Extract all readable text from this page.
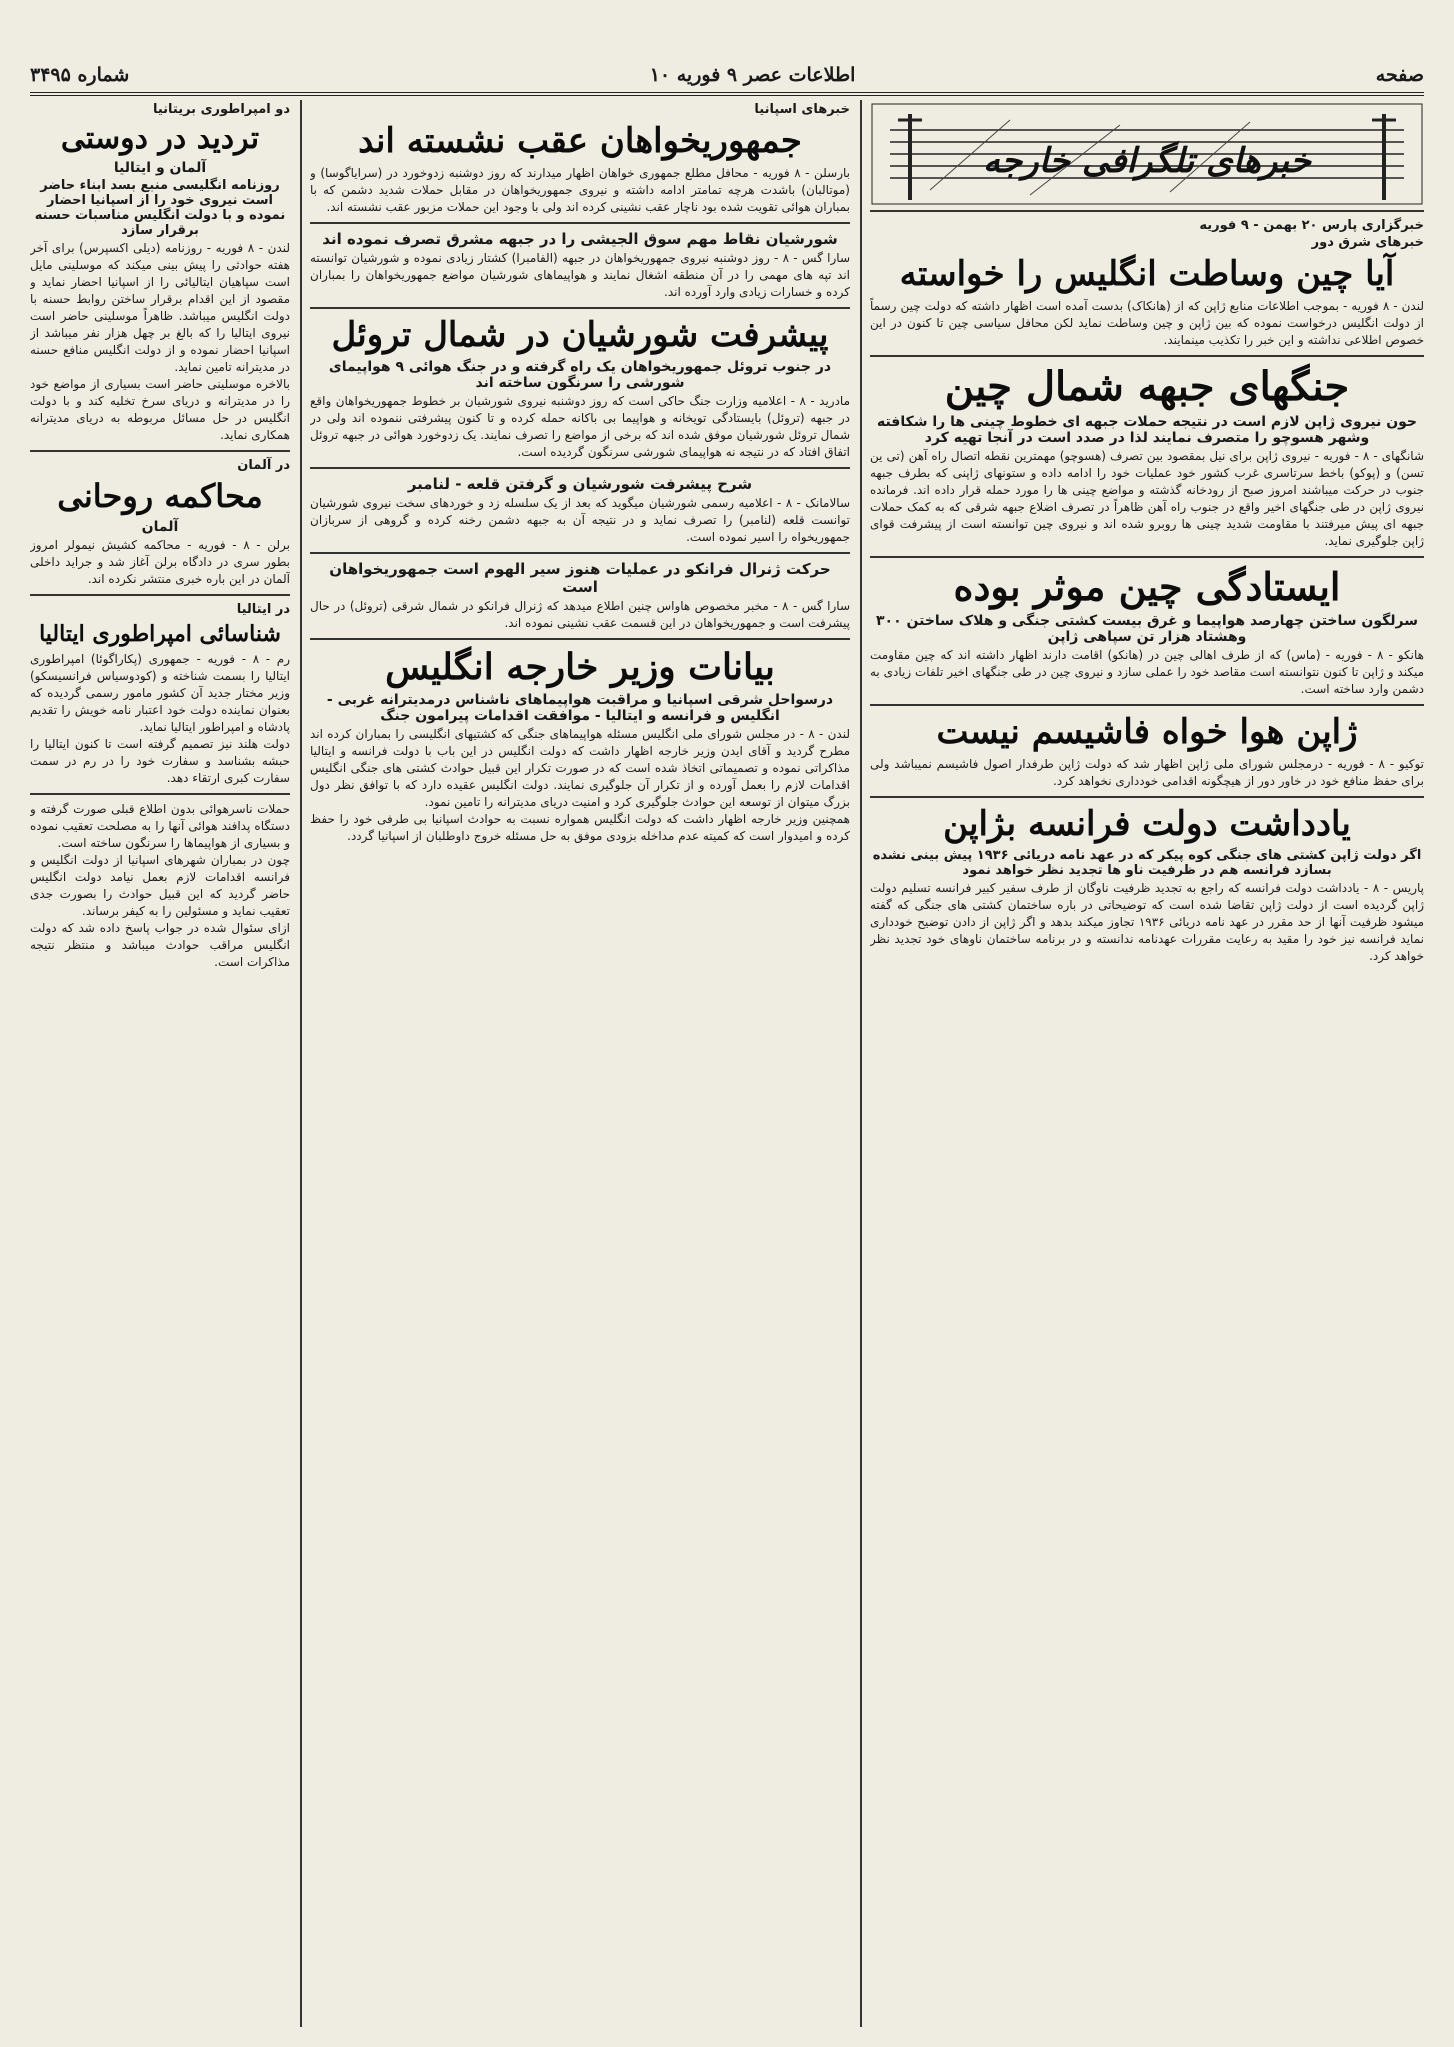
صفحه
اطلاعات عصر ۹ فوریه ۱۰
شماره ۳۴۹۵
خبرهای تلگرافی خارجه

خبرگزاری پارس ۲۰ بهمن - ۹ فوریه

خبرهای شرق دور

آیا چین وساطت انگلیس را خواسته

لندن - ۸ فوریه - بموجب اطلاعات منابع ژاپن که از (هانکاک) بدست آمده است اظهار داشته که دولت چین رسماً از دولت انگلیس درخواست نموده که بین ژاپن و چین وساطت نماید لکن محافل سیاسی چین تا کنون در این خصوص اطلاعی نداشته و این خبر را تکذیب مینمایند.

جنگهای جبهه شمال چین

حون نیروی ژاپن لازم است در نتیجه حملات جبهه ای خطوط چینی ها را شکافته وشهر هسوچو را متصرف نمایند لذا در صدد است در آنجا تهیه کرد

شانگهای - ۸ - فوریه - نیروی ژاپن برای نیل بمقصود بین تصرف (هسوچو) مهمترین نقطه اتصال راه آهن (تی ین تسن) و (پوکو) باخط سرتاسری غرب کشور خود عملیات خود را ادامه داده و ستونهای ژاپنی که بطرف جبهه جنوب در حرکت میباشند امروز صبح از رودخانه گذشته و مواضع چینی ها را مورد حمله قرار داده اند. فرمانده نیروی ژاپن در طی جنگهای اخیر واقع در جنوب راه آهن ظاهراً در تصرف اضلاع جبهه شرقی که به کمک حملات جبهه ای پیش میرفتند با مقاومت شدید چینی ها روبرو شده اند و نیروی چین توانسته است از پیشرفت قوای ژاپن جلوگیری نماید.

ایستادگی چین موثر بوده

سرلگون ساختن چهارصد هواپیما و غرق بیست کشتی جنگی و هلاک ساختن ۳۰۰ وهشتاد هزار تن سپاهی ژاپن

هانکو - ۸ - فوریه - (ماس) که از طرف اهالی چین در (هانکو) اقامت دارند اظهار داشته اند که چین مقاومت میکند و ژاپن تا کنون نتوانسته است مقاصد خود را عملی سازد و نیروی چین در طی جنگهای اخیر تلفات زیادی به دشمن وارد ساخته است.

ژاپن هوا خواه فاشیسم نیست

توکیو - ۸ - فوریه - درمجلس شورای ملی ژاپن اظهار شد که دولت ژاپن طرفدار اصول فاشیسم نمیباشد ولی برای حفظ منافع خود در خاور دور از هیچگونه اقدامی خودداری نخواهد کرد.

یادداشت دولت فرانسه بژاپن

اگر دولت ژاپن کشتی های جنگی کوه پیکر که در عهد نامه دریائی ۱۹۳۶ پیش بینی نشده بسازد فرانسه هم در ظرفیت ناو ها تجدید نظر خواهد نمود

پاریس - ۸ - یادداشت دولت فرانسه که راجع به تجدید ظرفیت ناوگان از طرف سفیر کبیر فرانسه تسلیم دولت ژاپن گردیده است از دولت ژاپن تقاضا شده است که توضیحاتی در باره ساختمان کشتی های جنگی که گفته میشود ظرفیت آنها از حد مقرر در عهد نامه دریائی ۱۹۳۶ تجاوز میکند بدهد و اگر ژاپن از دادن توضیح خودداری نماید فرانسه نیز خود را مقید به رعایت مقررات عهدنامه ندانسته و در برنامه ساختمان ناوهای خود تجدید نظر خواهد کرد.

خبرهای اسپانیا

جمهوریخواهان عقب نشسته اند

بارسلن - ۸ فوریه - محافل مطلع جمهوری خواهان اظهار میدارند که روز دوشنبه زدوخورد در (سرایاگوسا) و (موتالبان) باشدت هرچه تمامتر ادامه داشته و نیروی جمهوریخواهان در مقابل حملات شدید دشمن که با بمباران هوائی تقویت شده بود ناچار عقب نشینی کرده اند ولی با وجود این حملات مزبور عقب نشسته اند.

شورشیان نقاط مهم سوق الجیشی را در جبهه مشرق تصرف نموده اند

سارا گس - ۸ - روز دوشنبه نیروی جمهوریخواهان در جبهه (الفامبرا) کشتار زیادی نموده و شورشیان توانسته اند تپه های مهمی را در آن منطقه اشغال نمایند و هواپیماهای شورشیان مواضع جمهوریخواهان را بمباران کرده و خسارات زیادی وارد آورده اند.

پیشرفت شورشیان در شمال تروئل

در جنوب تروئل جمهوریخواهان یک راه گرفته و در جنگ هوائی ۹ هواپیمای شورشی را سرنگون ساخته اند

مادرید - ۸ - اعلامیه وزارت جنگ حاکی است که روز دوشنبه نیروی شورشیان بر خطوط جمهوریخواهان واقع در جبهه (تروئل) بایستادگی تویخانه و هواپیما بی باکانه حمله کرده و تا کنون پیشرفتی ننموده اند ولی در شمال تروئل شورشیان موفق شده اند که برخی از مواضع را تصرف نمایند. یک زدوخورد هوائی در جبهه تروئل اتفاق افتاد که در نتیجه نه هواپیمای شورشی سرنگون گردیده است.

شرح پیشرفت شورشیان و گرفتن قلعه - لنامبر

سالامانک - ۸ - اعلامیه رسمی شورشیان میگوید که بعد از یک سلسله زد و خوردهای سخت نیروی شورشیان توانست قلعه (لنامبر) را تصرف نماید و در نتیجه آن به جبهه دشمن رخنه کرده و گروهی از سربازان جمهوریخواه را اسیر نموده است.

حرکت ژنرال فرانکو در عملیات هنوز سیر الهوم است جمهوریخواهان است

سارا گس - ۸ - مخبر مخصوص هاواس چنین اطلاع میدهد که ژنرال فرانکو در شمال شرقی (تروئل) در حال پیشرفت است و جمهوریخواهان در این قسمت عقب نشینی نموده اند.

بیانات وزیر خارجه انگلیس

درسواحل شرقی اسپانیا و مراقبت هواپیماهای ناشناس درمدیترانه غربی - انگلیس و فرانسه و ایتالیا - موافقت اقدامات پیرامون جنگ

لندن - ۸ - در مجلس شورای ملی انگلیس مسئله هواپیماهای جنگی که کشتیهای انگلیسی را بمباران کرده اند مطرح گردید و آقای ایدن وزیر خارجه اظهار داشت که دولت انگلیس در این باب با دولت فرانسه و ایتالیا مذاکراتی نموده و تصمیماتی اتخاذ شده است که در صورت تکرار این قبیل حوادث کشتی های جنگی انگلیس اقدامات لازم را بعمل آورده و از تکرار آن جلوگیری نمایند. دولت انگلیس عقیده دارد که با توافق نظر دول بزرگ میتوان از توسعه این حوادث جلوگیری کرد و امنیت دریای مدیترانه را تامین نمود.

همچنین وزیر خارجه اظهار داشت که دولت انگلیس همواره نسبت به حوادث اسپانیا بی طرفی خود را حفظ کرده و امیدوار است که کمیته عدم مداخله بزودی موفق به حل مسئله خروج داوطلبان از اسپانیا گردد.

دو امپراطوری بریتانیا

تردید در دوستی

آلمان و ایتالیا

روزنامه انگلیسی منبع بسد ابناء حاضر است نیروی خود را از اسپانیا احضار نموده و با دولت انگلیس مناسبات حسنه برقرار سازد

لندن - ۸ فوریه - روزنامه (دیلی اکسپرس) برای آخر هفته حوادثی را پیش بینی میکند که موسلینی مایل است سپاهیان ایتالیائی را از اسپانیا احضار نماید و مقصود از این اقدام برقرار ساختن روابط حسنه با دولت انگلیس میباشد. ظاهراً موسلینی حاضر است نیروی ایتالیا را که بالغ بر چهل هزار نفر میباشد از اسپانیا احضار نموده و از دولت انگلیس منافع حسنه در مدیترانه تامین نماید.

بالاخره موسلینی حاضر است بسیاری از مواضع خود را در مدیترانه و دریای سرخ تخلیه کند و با دولت انگلیس در حل مسائل مربوطه به دریای مدیترانه همکاری نماید.

در آلمان

محاکمه روحانی

آلمان

برلن - ۸ - فوریه - محاکمه کشیش نیمولر امروز بطور سری در دادگاه برلن آغاز شد و جراید داخلی آلمان در این باره خبری منتشر نکرده اند.

در ایتالیا

شناسائی امپراطوری ایتالیا

رم - ۸ - فوریه - جمهوری (پکاراگوئا) امپراطوری ایتالیا را بسمت شناخته و (کودوسیاس فرانسیسکو) وزیر مختار جدید آن کشور مامور رسمی گردیده که بعنوان نماینده دولت خود اعتبار نامه خویش را تقدیم پادشاه و امپراطور ایتالیا نماید.

دولت هلند نیز تصمیم گرفته است تا کنون ایتالیا را حبشه بشناسد و سفارت خود را در رم در سمت سفارت کبری ارتقاء دهد.

حملات ناسرهوائی بدون اطلاع قبلی صورت گرفته و دستگاه پدافند هوائی آنها را به مصلحت تعقیب نموده و بسیاری از هواپیماها را سرنگون ساخته است.

چون در بمباران شهرهای اسپانیا از دولت انگلیس و فرانسه اقدامات لازم بعمل نیامد دولت انگلیس حاضر گردید که این قبیل حوادث را بصورت جدی تعقیب نماید و مسئولین را به کیفر برساند.

ازای سئوال شده در جواب پاسخ داده شد که دولت انگلیس مراقب حوادث میباشد و منتظر نتیجه مذاکرات است.
